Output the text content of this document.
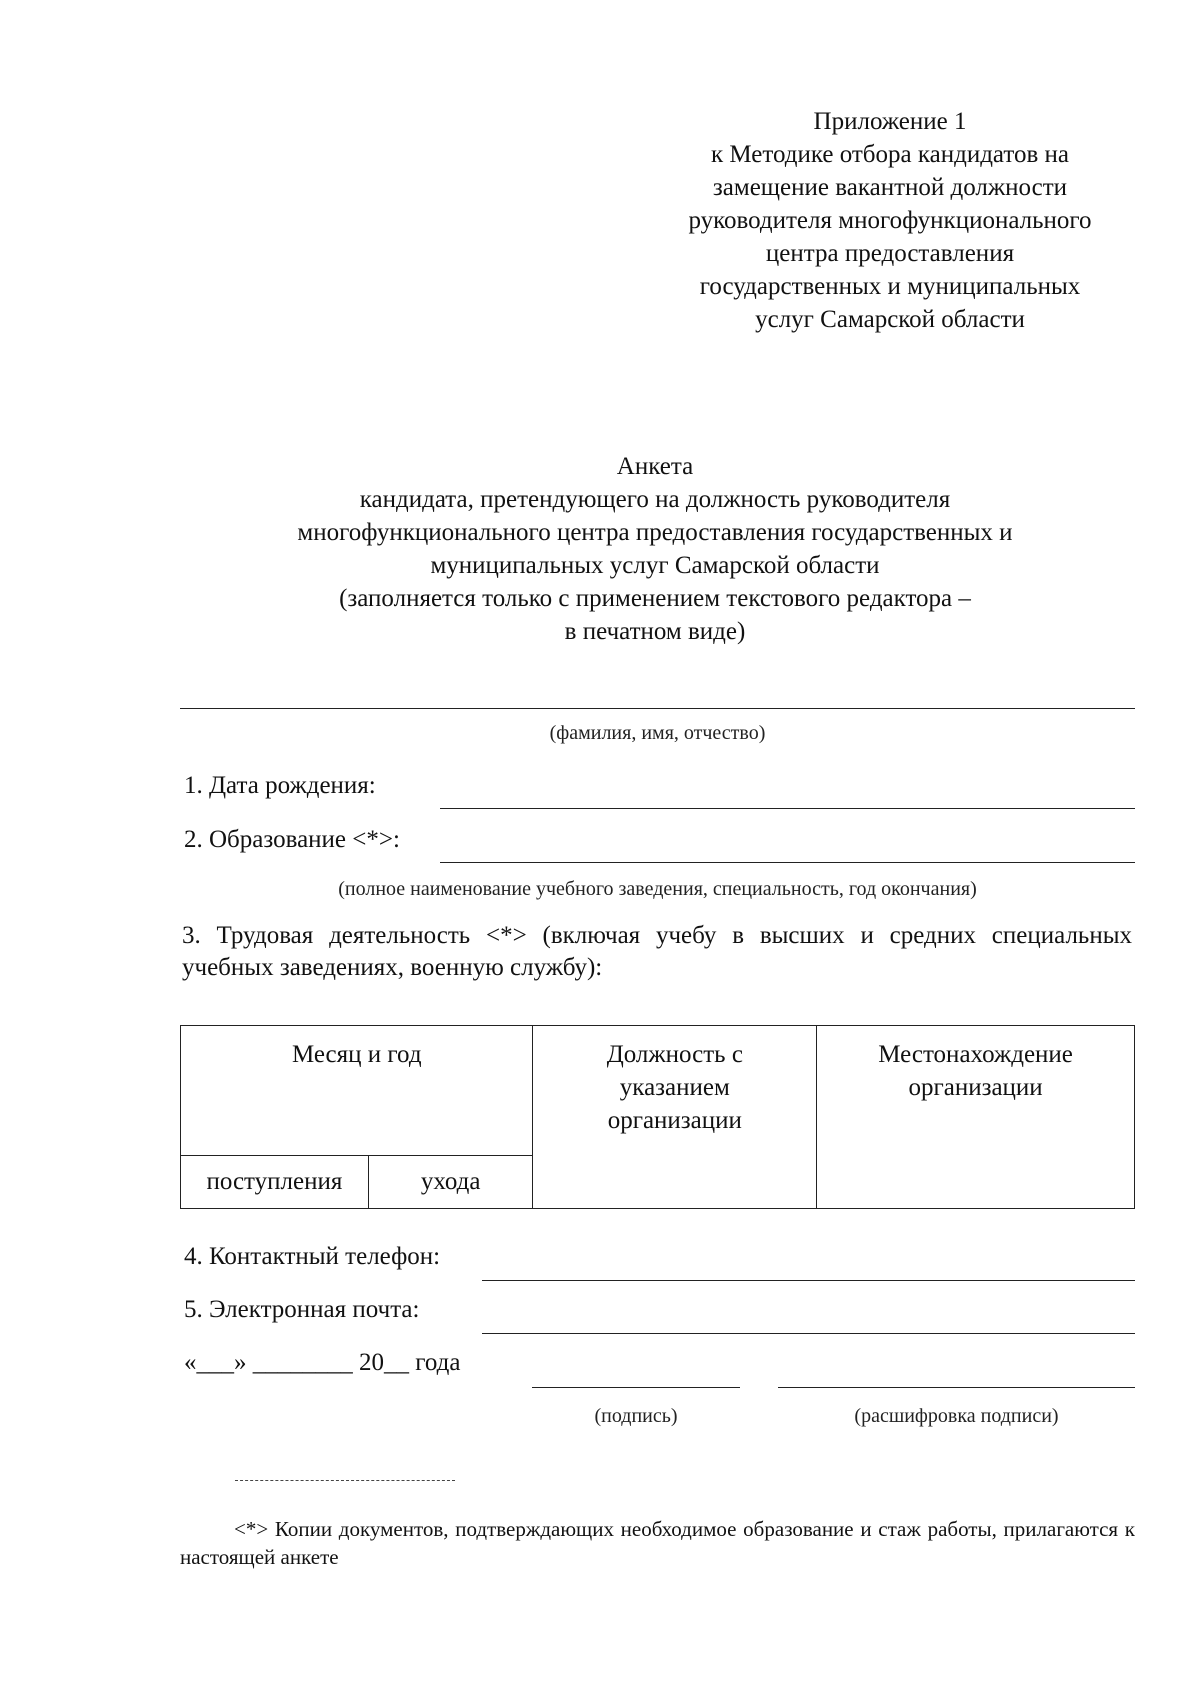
Приложение 1
к Методике отбора кандидатов на
замещение вакантной должности
руководителя многофункционального
центра предоставления
государственных и муниципальных
услуг Самарской области
Анкета
кандидата, претендующего на должность руководителя
многофункционального центра предоставления государственных и
муниципальных услуг Самарской области
(заполняется только с применением текстового редактора –
в печатном виде)
(фамилия, имя, отчество)
1. Дата рождения:
2. Образование <*>:
(полное наименование учебного заведения, специальность, год окончания)
3. Трудовая деятельность <*> (включая учебу в высших и средних специальных учебных заведениях, военную службу):
Месяц и год		Должность с указанием организации	Местонахождение организации

поступления	ухода		
4. Контактный телефон:
5. Электронная почта:
«___» ________ 20__ года
(подпись)	(расшифровка подписи)
<*> Копии документов, подтверждающих необходимое образование и стаж работы, прилагаются к настоящей анкете
